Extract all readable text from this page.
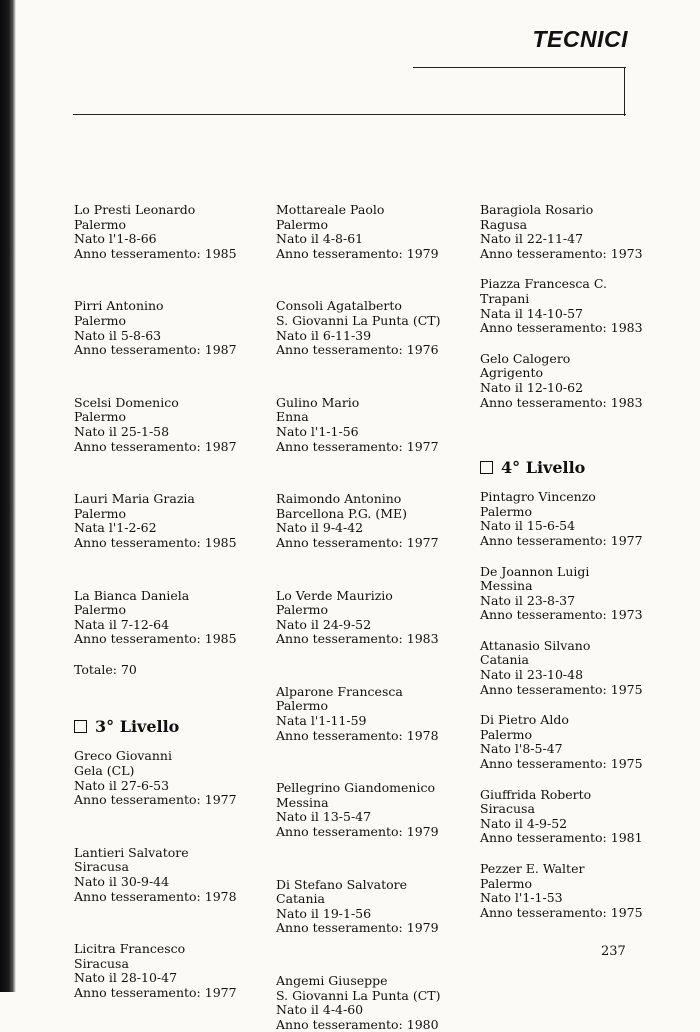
TECNICI
Lo Presti Leonardo
Palermo
Nato l'1-8-66
Anno tesseramento: 1985
Pirri Antonino
Palermo
Nato il 5-8-63
Anno tesseramento: 1987
Scelsi Domenico
Palermo
Nato il 25-1-58
Anno tesseramento: 1987
Lauri Maria Grazia
Palermo
Nata l'1-2-62
Anno tesseramento: 1985
La Bianca Daniela
Palermo
Nata il 7-12-64
Anno tesseramento: 1985
Totale: 70
3° Livello
Greco Giovanni
Gela (CL)
Nato il 27-6-53
Anno tesseramento: 1977
Lantieri Salvatore
Siracusa
Nato il 30-9-44
Anno tesseramento: 1978
Licitra Francesco
Siracusa
Nato il 28-10-47
Anno tesseramento: 1977
Mottareale Paolo
Palermo
Nato il 4-8-61
Anno tesseramento: 1979
Consoli Agatalberto
S. Giovanni La Punta (CT)
Nato il 6-11-39
Anno tesseramento: 1976
Gulino Mario
Enna
Nato l'1-1-56
Anno tesseramento: 1977
Raimondo Antonino
Barcellona P.G. (ME)
Nato il 9-4-42
Anno tesseramento: 1977
Lo Verde Maurizio
Palermo
Nato il 24-9-52
Anno tesseramento: 1983
Alparone Francesca
Palermo
Nata l'1-11-59
Anno tesseramento: 1978
Pellegrino Giandomenico
Messina
Nato il 13-5-47
Anno tesseramento: 1979
Di Stefano Salvatore
Catania
Nato il 19-1-56
Anno tesseramento: 1979
Angemi Giuseppe
S. Giovanni La Punta (CT)
Nato il 4-4-60
Anno tesseramento: 1980
Baragiola Rosario
Ragusa
Nato il 22-11-47
Anno tesseramento: 1973
Piazza Francesca C.
Trapani
Nata il 14-10-57
Anno tesseramento: 1983
Gelo Calogero
Agrigento
Nato il 12-10-62
Anno tesseramento: 1983
4° Livello
Pintagro Vincenzo
Palermo
Nato il 15-6-54
Anno tesseramento: 1977
De Joannon Luigi
Messina
Nato il 23-8-37
Anno tesseramento: 1973
Attanasio Silvano
Catania
Nato il 23-10-48
Anno tesseramento: 1975
Di Pietro Aldo
Palermo
Nato l'8-5-47
Anno tesseramento: 1975
Giuffrida Roberto
Siracusa
Nato il 4-9-52
Anno tesseramento: 1981
Pezzer E. Walter
Palermo
Nato l'1-1-53
Anno tesseramento: 1975
237
